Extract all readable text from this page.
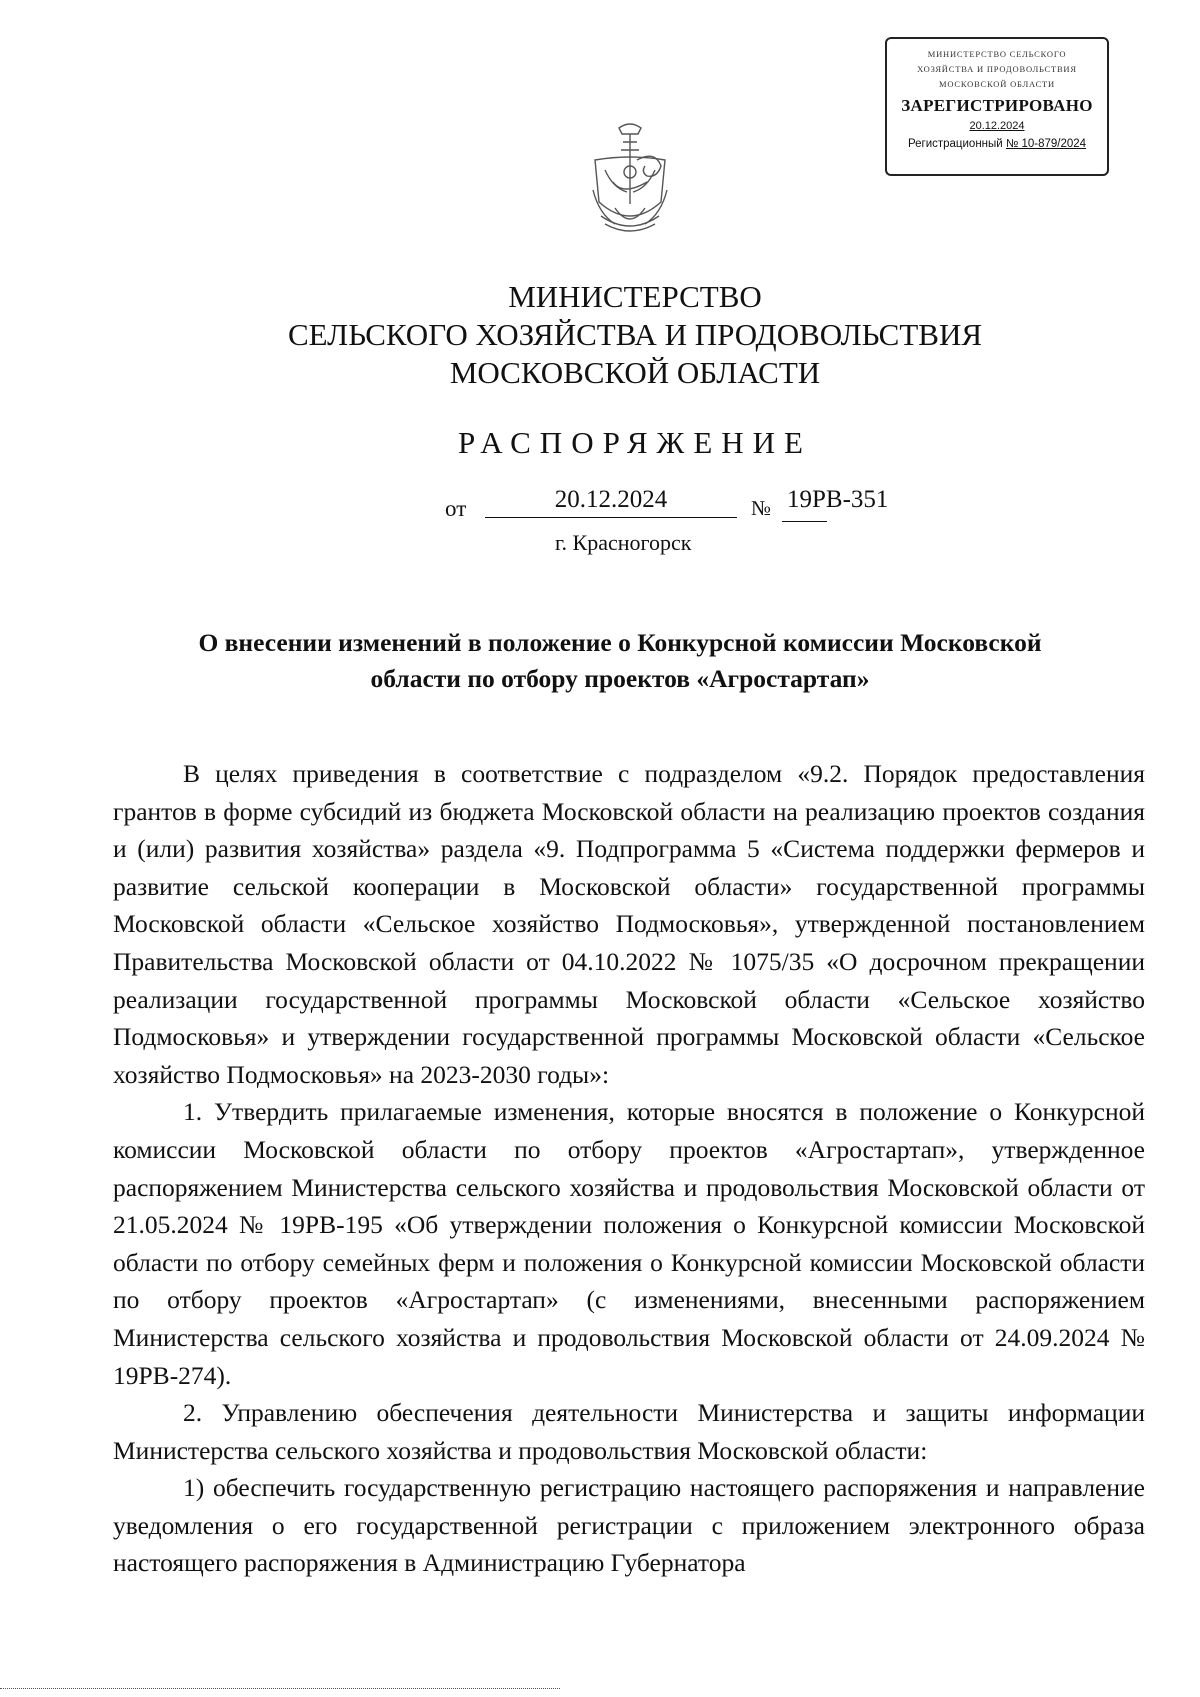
МИНИСТЕРСТВО СЕЛЬСКОГО
ХОЗЯЙСТВА И ПРОДОВОЛЬСТВИЯ
МОСКОВСКОЙ ОБЛАСТИ
ЗАРЕГИСТРИРОВАНО
20.12.2024
Регистрационный № 10-879/2024
МИНИСТЕРСТВО
СЕЛЬСКОГО ХОЗЯЙСТВА И ПРОДОВОЛЬСТВИЯ
МОСКОВСКОЙ ОБЛАСТИ
РАСПОРЯЖЕНИЕ
от	20.12.2024	№ 19РВ-351
г. Красногорск
О внесении изменений в положение о Конкурсной комиссии Московской
области по отбору проектов «Агростартап»

В целях приведения в соответствие с подразделом «9.2. Порядок предоставления грантов в форме субсидий из бюджета Московской области на реализацию проектов создания и (или) развития хозяйства» раздела «9. Подпрограмма 5 «Система поддержки фермеров и развитие сельской кооперации в Московской области» государственной программы Московской области «Сельское хозяйство Подмосковья», утвержденной постановлением Правительства Московской области от 04.10.2022 № 1075/35 «О досрочном прекращении реализации государственной программы Московской области «Сельское хозяйство Подмосковья» и утверждении государственной программы Московской области «Сельское хозяйство Подмосковья» на 2023-2030 годы»:

1. Утвердить прилагаемые изменения, которые вносятся в положение о Конкурсной комиссии Московской области по отбору проектов «Агростартап», утвержденное распоряжением Министерства сельского хозяйства и продовольствия Московской области от 21.05.2024 № 19РВ-195 «Об утверждении положения о Конкурсной комиссии Московской области по отбору семейных ферм и положения о Конкурсной комиссии Московской области по отбору проектов «Агростартап» (с изменениями, внесенными распоряжением Министерства сельского хозяйства и продовольствия Московской области от 24.09.2024 № 19РВ-274).

2. Управлению обеспечения деятельности Министерства и защиты информации Министерства сельского хозяйства и продовольствия Московской области:

1) обеспечить государственную регистрацию настоящего распоряжения и направление уведомления о его государственной регистрации с приложением электронного образа настоящего распоряжения в Администрацию Губернатора
